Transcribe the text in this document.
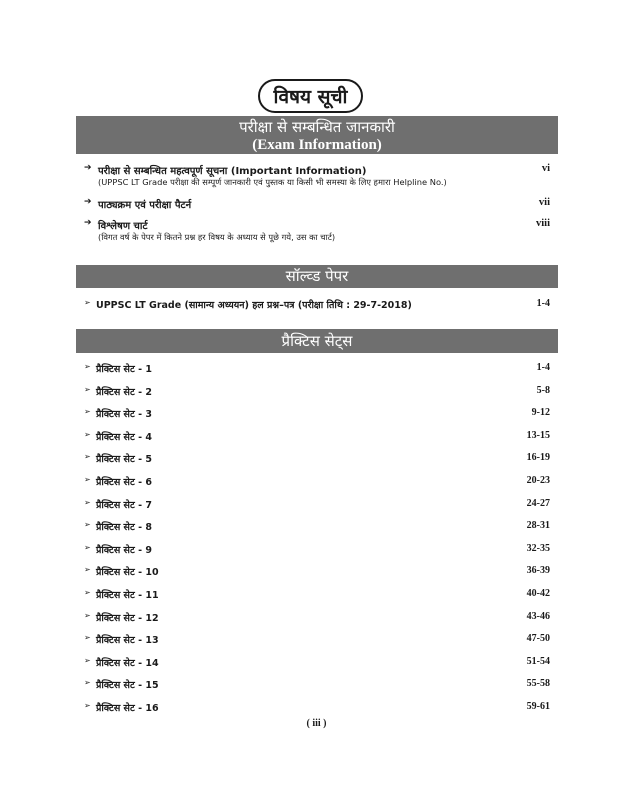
विषय सूची
परीक्षा से सम्बन्धित जानकारी
(Exam Information)
➔ परीक्षा से सम्बन्धित महत्वपूर्ण सूचना (Important Information)	vi
(UPPSC LT Grade परीक्षा की सम्पूर्ण जानकारी एवं पुस्तक या किसी भी समस्या के लिए हमारा Helpline No.)
➔ पाठ्यक्रम एवं परीक्षा पैटर्न	vii
➔ विश्लेषण चार्ट	viii
(विगत वर्ष के पेपर में कितने प्रश्न हर विषय के अध्याय से पूछे गये, उस का चार्ट)
सॉल्व्ड पेपर
➢ UPPSC LT Grade (सामान्य अध्ययन) हल प्रश्न–पत्र (परीक्षा तिथि : 29-7-2018)	1-4
प्रैक्टिस सेट्स
➢ प्रैक्टिस सेट - 1	1-4
➢ प्रैक्टिस सेट - 2	5-8
➢ प्रैक्टिस सेट - 3	9-12
➢ प्रैक्टिस सेट - 4	13-15
➢ प्रैक्टिस सेट - 5	16-19
➢ प्रैक्टिस सेट - 6	20-23
➢ प्रैक्टिस सेट - 7	24-27
➢ प्रैक्टिस सेट - 8	28-31
➢ प्रैक्टिस सेट - 9	32-35
➢ प्रैक्टिस सेट - 10	36-39
➢ प्रैक्टिस सेट - 11	40-42
➢ प्रैक्टिस सेट - 12	43-46
➢ प्रैक्टिस सेट - 13	47-50
➢ प्रैक्टिस सेट - 14	51-54
➢ प्रैक्टिस सेट - 15	55-58
➢ प्रैक्टिस सेट - 16	59-61
( iii )
